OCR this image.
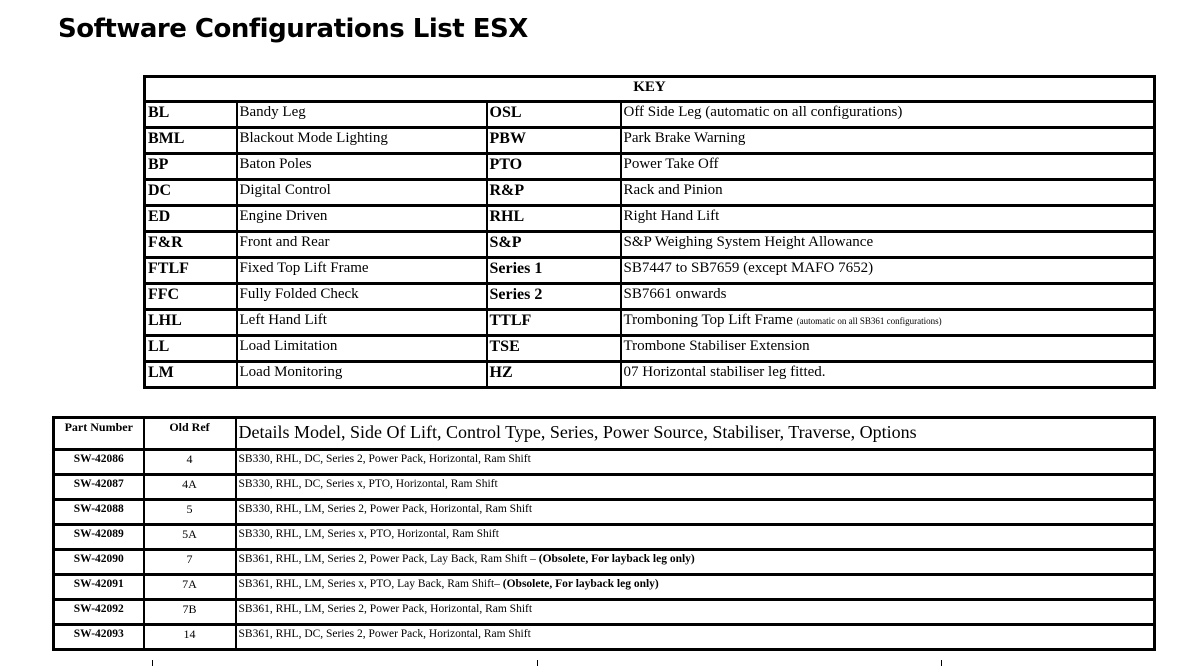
Software Configurations List ESX
KEY			
BL	Bandy Leg	OSL	Off Side Leg (automatic on all configurations)
BML	Blackout Mode Lighting	PBW	Park Brake Warning
BP	Baton Poles	PTO	Power Take Off
DC	Digital Control	R&P	Rack and Pinion
ED	Engine Driven	RHL	Right Hand Lift
F&R	Front and Rear	S&P	S&P Weighing System Height Allowance
FTLF	Fixed Top Lift Frame	Series 1	SB7447 to SB7659 (except MAFO 7652)
FFC	Fully Folded Check	Series 2	SB7661 onwards
LHL	Left Hand Lift	TTLF	Tromboning Top Lift Frame (automatic on all SB361 configurations)
LL	Load Limitation	TSE	Trombone Stabiliser Extension
LM	Load Monitoring	HZ	07 Horizontal stabiliser leg fitted.
Part Number	Old Ref	Details Model, Side Of Lift, Control Type, Series, Power Source, Stabiliser, Traverse, Options
SW-42086	4	SB330, RHL, DC, Series 2, Power Pack, Horizontal, Ram Shift
SW-42087	4A	SB330, RHL, DC, Series x, PTO, Horizontal, Ram Shift
SW-42088	5	SB330, RHL, LM, Series 2, Power Pack, Horizontal, Ram Shift
SW-42089	5A	SB330, RHL, LM, Series x, PTO, Horizontal, Ram Shift
SW-42090	7	SB361, RHL, LM, Series 2, Power Pack, Lay Back, Ram Shift – (Obsolete, For layback leg only)
SW-42091	7A	SB361, RHL, LM, Series x, PTO, Lay Back, Ram Shift– (Obsolete, For layback leg only)
SW-42092	7B	SB361, RHL, LM, Series 2, Power Pack, Horizontal, Ram Shift
SW-42093	14	SB361, RHL, DC, Series 2, Power Pack, Horizontal, Ram Shift
